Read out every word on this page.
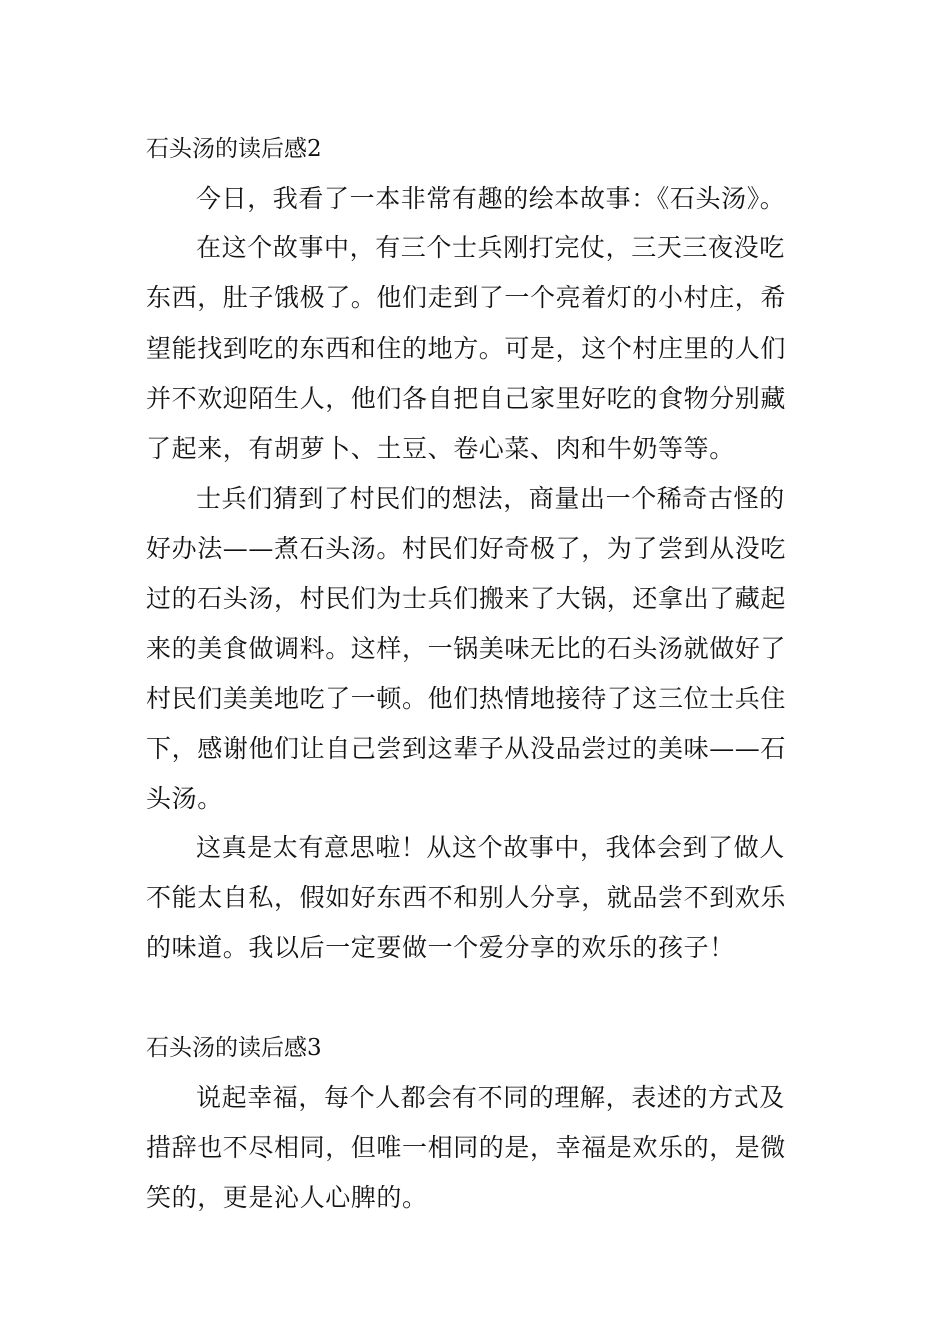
石头汤的读后感2
今日，我看了一本非常有趣的绘本故事：《石头汤》。
在这个故事中，有三个士兵刚打完仗，三天三夜没吃
东西，肚子饿极了。他们走到了一个亮着灯的小村庄，希
望能找到吃的东西和住的地方。可是，这个村庄里的人们
并不欢迎陌生人，他们各自把自己家里好吃的食物分别藏
了起来，有胡萝卜、土豆、卷心菜、肉和牛奶等等。
士兵们猜到了村民们的想法，商量出一个稀奇古怪的
好办法——煮石头汤。村民们好奇极了，为了尝到从没吃
过的石头汤，村民们为士兵们搬来了大锅，还拿出了藏起
来的美食做调料。这样，一锅美味无比的石头汤就做好了
村民们美美地吃了一顿。他们热情地接待了这三位士兵住
下，感谢他们让自己尝到这辈子从没品尝过的美味——石
头汤。
这真是太有意思啦！从这个故事中，我体会到了做人
不能太自私，假如好东西不和别人分享，就品尝不到欢乐
的味道。我以后一定要做一个爱分享的欢乐的孩子！
石头汤的读后感3
说起幸福，每个人都会有不同的理解，表述的方式及
措辞也不尽相同，但唯一相同的是，幸福是欢乐的，是微
笑的，更是沁人心脾的。
